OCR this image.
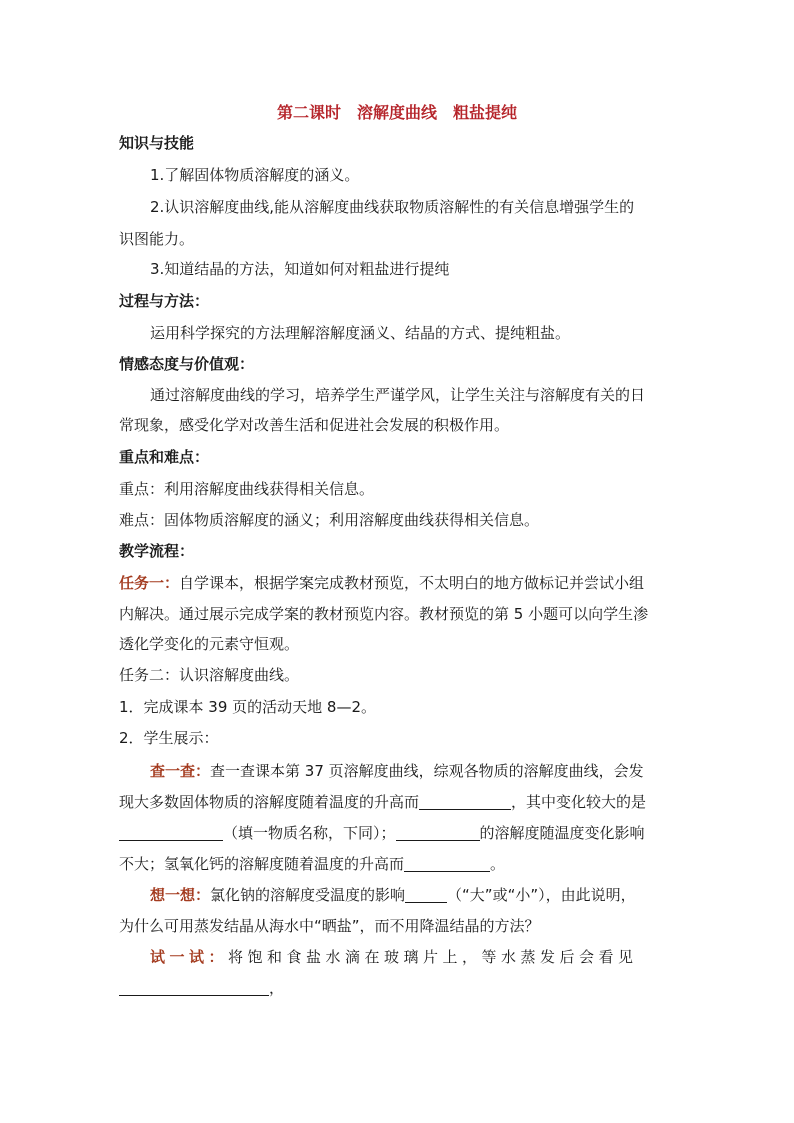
第二课时　溶解度曲线　粗盐提纯
知识与技能
1.了解固体物质溶解度的涵义。
2.认识溶解度曲线,能从溶解度曲线获取物质溶解性的有关信息增强学生的
识图能力。
3.知道结晶的方法，知道如何对粗盐进行提纯
过程与方法：
运用科学探究的方法理解溶解度涵义、结晶的方式、提纯粗盐。
情感态度与价值观：
通过溶解度曲线的学习，培养学生严谨学风，让学生关注与溶解度有关的日
常现象，感受化学对改善生活和促进社会发展的积极作用。
重点和难点：
重点：利用溶解度曲线获得相关信息。
难点：固体物质溶解度的涵义；利用溶解度曲线获得相关信息。
教学流程：
任务一：自学课本，根据学案完成教材预览，不太明白的地方做标记并尝试小组
内解决。通过展示完成学案的教材预览内容。教材预览的第 5 小题可以向学生渗
透化学变化的元素守恒观。
任务二：认识溶解度曲线。
1．完成课本 39 页的活动天地 8—2。
2．学生展示：
查一查：查一查课本第 37 页溶解度曲线，综观各物质的溶解度曲线，会发
现大多数固体物质的溶解度随着温度的升高而	，其中变化较大的是
（填一物质名称，下同）；	的溶解度随温度变化影响
不大；氢氧化钙的溶解度随着温度的升高而	。
想一想：氯化钠的溶解度受温度的影响	（“大”或“小”），由此说明，
为什么可用蒸发结晶从海水中“晒盐”，而不用降温结晶的方法？
试一试：将饱和食盐水滴在玻璃片上，等水蒸发后会看见
，
